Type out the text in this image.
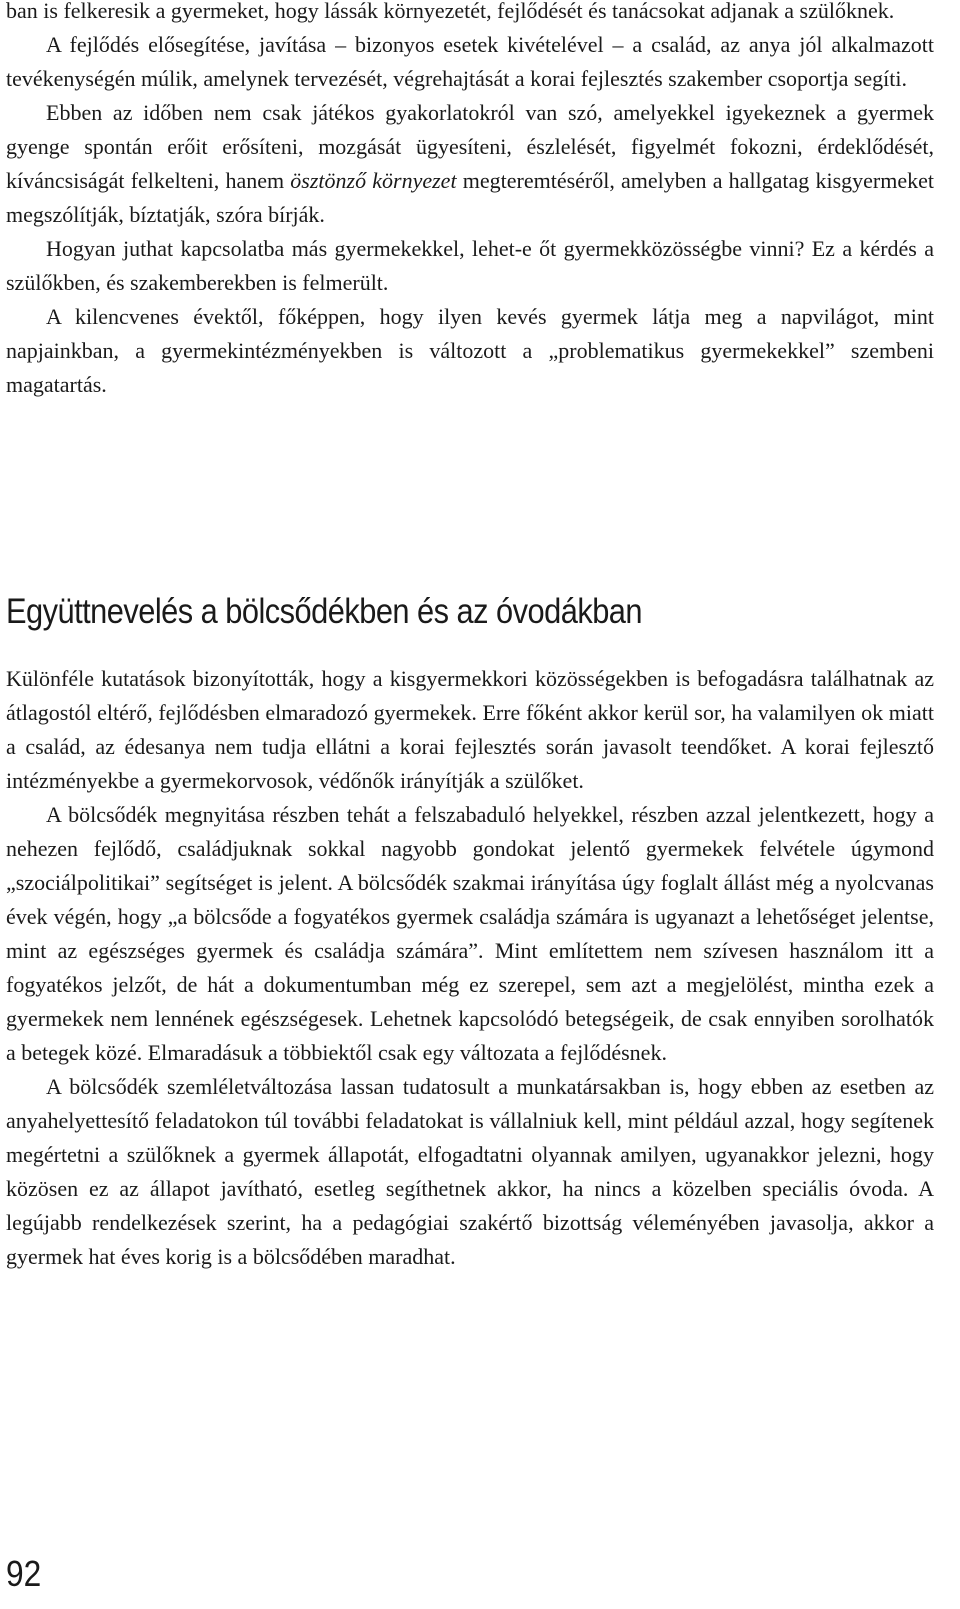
ban is felkeresik a gyermeket, hogy lássák környezetét, fejlődését és tanácsokat adjanak a szülőknek.

A fejlődés elősegítése, javítása – bizonyos esetek kivételével – a család, az anya jól alkalmazott tevékenységén múlik, amelynek tervezését, végrehajtását a korai fejlesztés szakember csoportja segíti.

Ebben az időben nem csak játékos gyakorlatokról van szó, amelyekkel igyekeznek a gyermek gyenge spontán erőit erősíteni, mozgását ügyesíteni, észlelését, figyelmét fokozni, érdeklődését, kíváncsiságát felkelteni, hanem ösztönző környezet megteremtéséről, amelyben a hallgatag kisgyermeket megszólítják, bíztatják, szóra bírják.

Hogyan juthat kapcsolatba más gyermekekkel, lehet-e őt gyermekközösségbe vinni? Ez a kérdés a szülőkben, és szakemberekben is felmerült.

A kilencvenes évektől, főképpen, hogy ilyen kevés gyermek látja meg a napvilágot, mint napjainkban, a gyermekintézményekben is változott a „problematikus gyermekekkel” szembeni magatartás.

Együttnevelés a bölcsődékben és az óvodákban

Különféle kutatások bizonyították, hogy a kisgyermekkori közösségekben is befogadásra találhatnak az átlagostól eltérő, fejlődésben elmaradozó gyermekek. Erre főként akkor kerül sor, ha valamilyen ok miatt a család, az édesanya nem tudja ellátni a korai fejlesztés során javasolt teendőket. A korai fejlesztő intézményekbe a gyermekorvosok, védőnők irányítják a szülőket.

A bölcsődék megnyitása részben tehát a felszabaduló helyekkel, részben azzal jelentkezett, hogy a nehezen fejlődő, családjuknak sokkal nagyobb gondokat jelentő gyermekek felvétele úgymond „szociálpolitikai” segítséget is jelent. A bölcsődék szakmai irányítása úgy foglalt állást még a nyolcvanas évek végén, hogy „a bölcsőde a fogyatékos gyermek családja számára is ugyanazt a lehetőséget jelentse, mint az egészséges gyermek és családja számára”. Mint említettem nem szívesen használom itt a fogyatékos jelzőt, de hát a dokumentumban még ez szerepel, sem azt a megjelölést, mintha ezek a gyermekek nem lennének egészségesek. Lehetnek kapcsolódó betegségeik, de csak ennyiben sorolhatók a betegek közé. Elmaradásuk a többiektől csak egy változata a fejlődésnek.

A bölcsődék szemléletváltozása lassan tudatosult a munkatársakban is, hogy ebben az esetben az anyahelyettesítő feladatokon túl további feladatokat is vállalniuk kell, mint például azzal, hogy segítenek megértetni a szülőknek a gyermek állapotát, elfogadtatni olyannak amilyen, ugyanakkor jelezni, hogy közösen ez az állapot javítható, esetleg segíthetnek akkor, ha nincs a közelben speciális óvoda. A legújabb rendelkezések szerint, ha a pedagógiai szakértő bizottság véleményében javasolja, akkor a gyermek hat éves korig is a bölcsődében maradhat.

92
